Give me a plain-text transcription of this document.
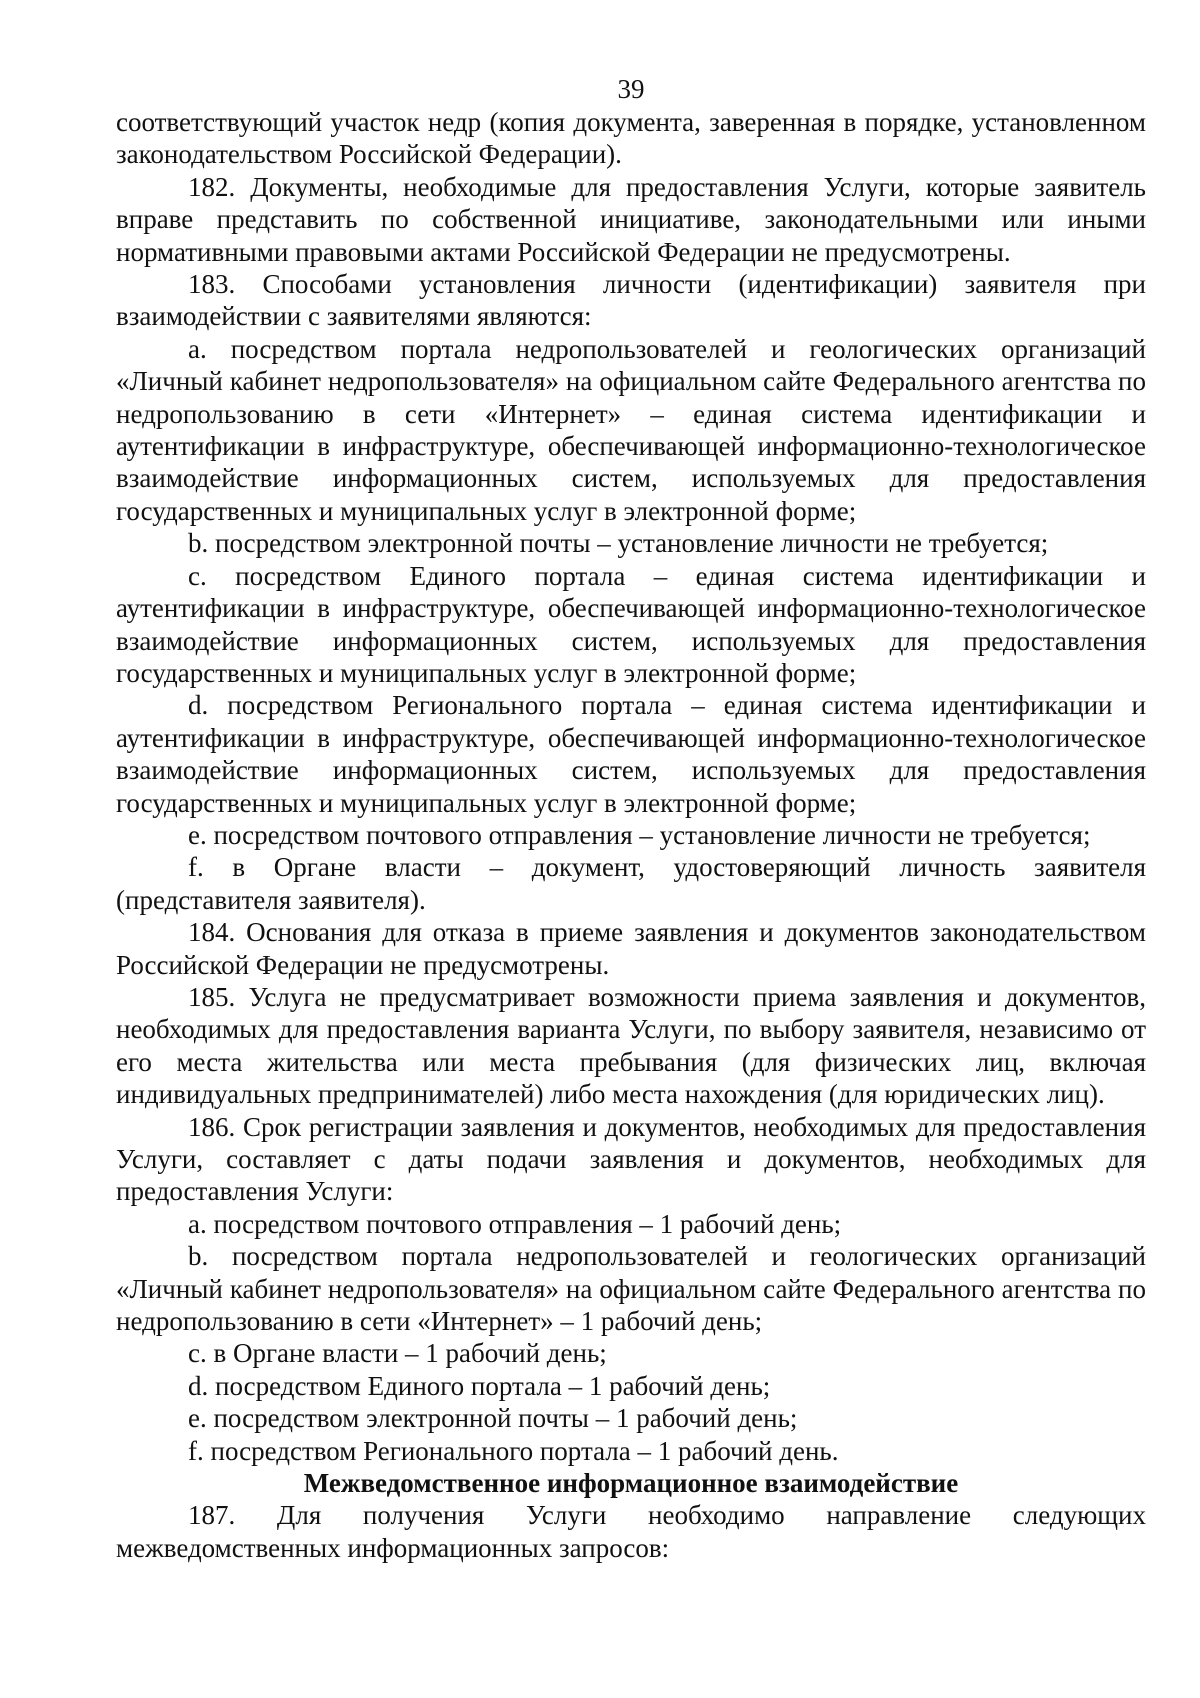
39

соответствующий участок недр (копия документа, заверенная в порядке, установленном законодательством Российской Федерации).

182. Документы, необходимые для предоставления Услуги, которые заявитель вправе представить по собственной инициативе, законодательными или иными нормативными правовыми актами Российской Федерации не предусмотрены.

183. Способами установления личности (идентификации) заявителя при взаимодействии с заявителями являются:

a. посредством портала недропользователей и геологических организаций «Личный кабинет недропользователя» на официальном сайте Федерального агентства по недропользованию в сети «Интернет» – единая система идентификации и аутентификации в инфраструктуре, обеспечивающей информационно-технологическое взаимодействие информационных систем, используемых для предоставления государственных и муниципальных услуг в электронной форме;

b. посредством электронной почты – установление личности не требуется;

c. посредством Единого портала – единая система идентификации и аутентификации в инфраструктуре, обеспечивающей информационно-технологическое взаимодействие информационных систем, используемых для предоставления государственных и муниципальных услуг в электронной форме;

d. посредством Регионального портала – единая система идентификации и аутентификации в инфраструктуре, обеспечивающей информационно-технологическое взаимодействие информационных систем, используемых для предоставления государственных и муниципальных услуг в электронной форме;

e. посредством почтового отправления – установление личности не требуется;

f. в Органе власти – документ, удостоверяющий личность заявителя (представителя заявителя).

184. Основания для отказа в приеме заявления и документов законодательством Российской Федерации не предусмотрены.

185. Услуга не предусматривает возможности приема заявления и документов, необходимых для предоставления варианта Услуги, по выбору заявителя, независимо от его места жительства или места пребывания (для физических лиц, включая индивидуальных предпринимателей) либо места нахождения (для юридических лиц).

186. Срок регистрации заявления и документов, необходимых для предоставления Услуги, составляет с даты подачи заявления и документов, необходимых для предоставления Услуги:

a. посредством почтового отправления – 1 рабочий день;

b. посредством портала недропользователей и геологических организаций «Личный кабинет недропользователя» на официальном сайте Федерального агентства по недропользованию в сети «Интернет» – 1 рабочий день;

c. в Органе власти – 1 рабочий день;

d. посредством Единого портала – 1 рабочий день;

e. посредством электронной почты – 1 рабочий день;

f. посредством Регионального портала – 1 рабочий день.

Межведомственное информационное взаимодействие

187. Для получения Услуги необходимо направление следующих межведомственных информационных запросов:
